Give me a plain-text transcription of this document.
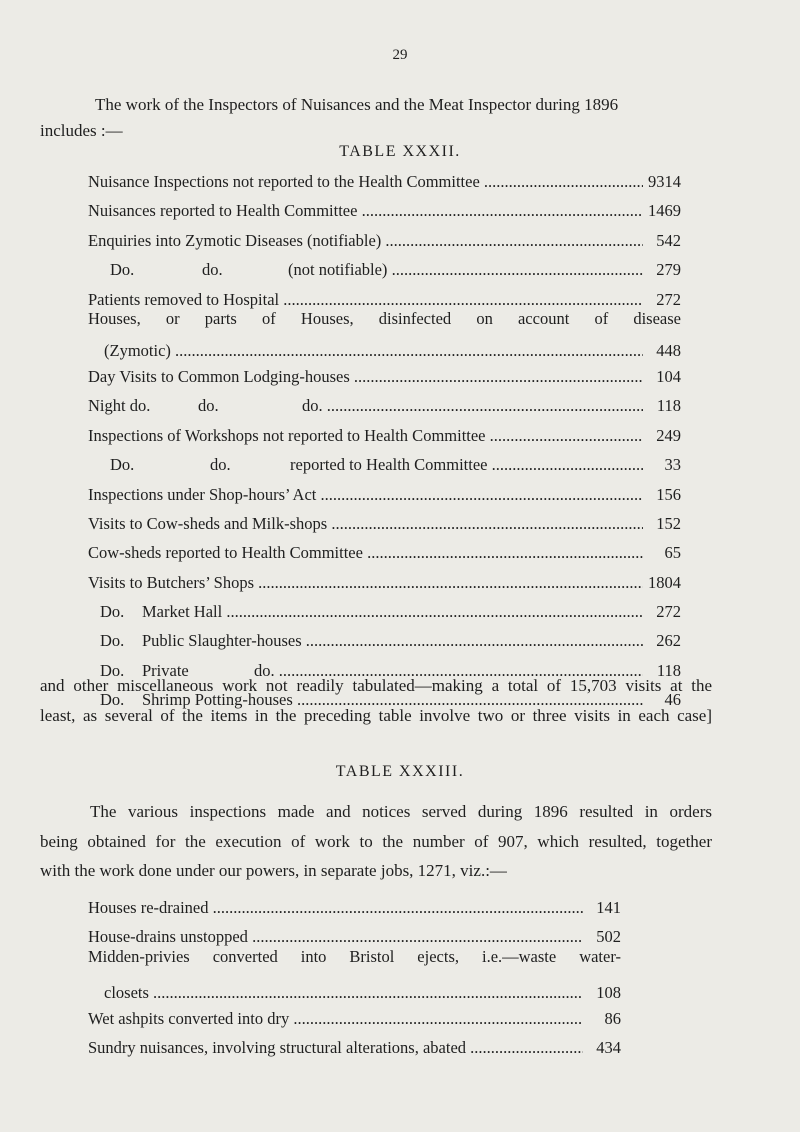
29
The work of the Inspectors of Nuisances and the Meat Inspector during 1896
includes :—
TABLE XXXII.
Nuisance Inspections not reported to the Health Committee .....	9314
Nuisances reported to Health Committee .....	1469
Enquiries into Zymotic Diseases (notifiable) .....	542
Do.	do.	(not notifiable) .....	279
Patients removed to Hospital .....	272
Houses, or parts of Houses, disinfected on account of disease
(Zymotic) .....	448
Day Visits to Common Lodging-houses .....	104
Night do.	do.	do. .....	118
Inspections of Workshops not reported to Health Committee .....	249
Do.	do.	reported to Health Committee .....	33
Inspections under Shop-hours’ Act .....	156
Visits to Cow-sheds and Milk-shops .....	152
Cow-sheds reported to Health Committee .....	65
Visits to Butchers’ Shops .....	1804
Do. Market Hall .....	272
Do. Public Slaughter-houses .....	262
Do. Private	do. .....	118
Do. Shrimp Potting-houses .....	46
and other miscellaneous work not readily tabulated—making a total of 15,703 visits at the
least, as several of the items in the preceding table involve two or three visits in each case]
TABLE XXXIII.
The various inspections made and notices served during 1896 resulted in orders
being obtained for the execution of work to the number of 907, which resulted, together
with the work done under our powers, in separate jobs, 1271, viz.:—
Houses re-drained .....	141
House-drains unstopped .....	502
Midden-privies converted into Bristol ejects, i.e.—waste water-
closets .....	108
Wet ashpits converted into dry .....	86
Sundry nuisances, involving structural alterations, abated .....	434
